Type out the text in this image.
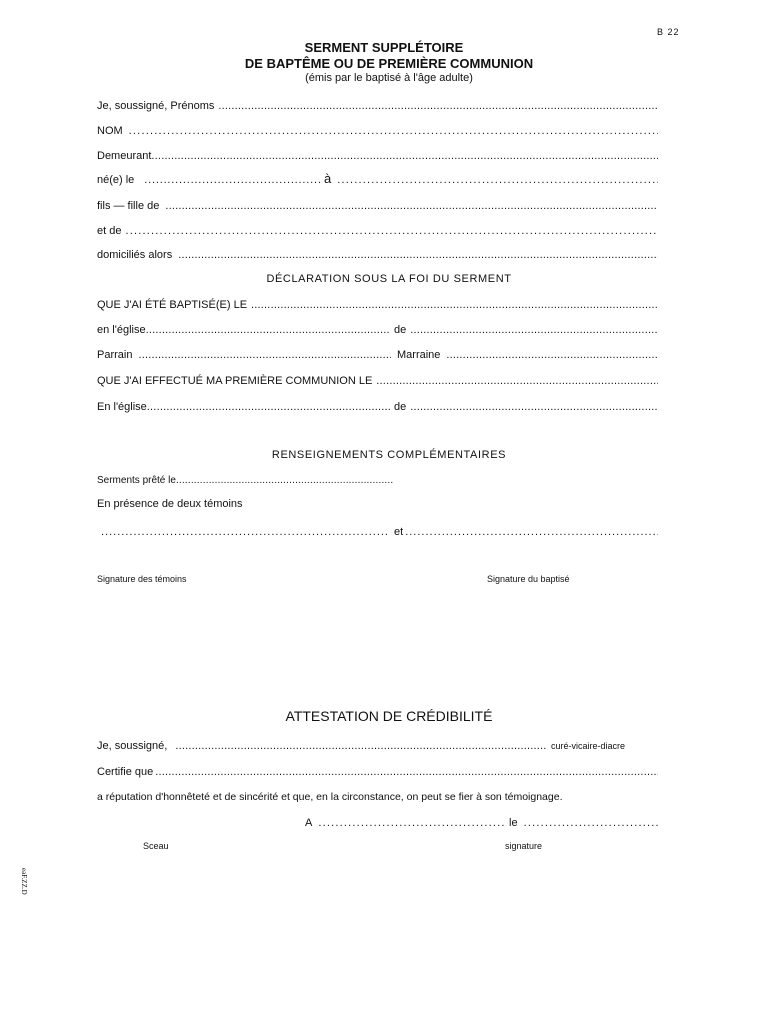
B 22
SERMENT SUPPLÉTOIRE
DE BAPTÊME OU DE PREMIÈRE COMMUNION
(émis par le baptisé à l'âge adulte)
Je, soussigné, Prénoms
.....
NOM
.....
Demeurant
.....
né(e) le .....	à
.....
fils — fille de
.....
et de
.....
domiciliés alors
.....
DÉCLARATION SOUS LA FOI DU SERMENT
QUE J'AI ÉTÉ BAPTISÉ(E) LE
.....
en l'église .....	de
.....
Parrain .....	Marraine
.....
QUE J'AI EFFECTUÉ MA PREMIÈRE COMMUNION LE
.....
En l'église .....	de
.....
RENSEIGNEMENTS COMPLÉMENTAIRES
Serments prêté le
.....
En présence de deux témoins
.....
et
.....
Signature des témoins	Signature du baptisé
ATTESTATION DE CRÉDIBILITÉ
Je, soussigné, .....	curé-vicaire-diacre
Certifie que
.....
a réputation d'honnêteté et de sincérité et que, en la circonstance, on peut se fier à son témoignage.
A .....	le
.....
Sceau	signature
eaF.ZZ.D
